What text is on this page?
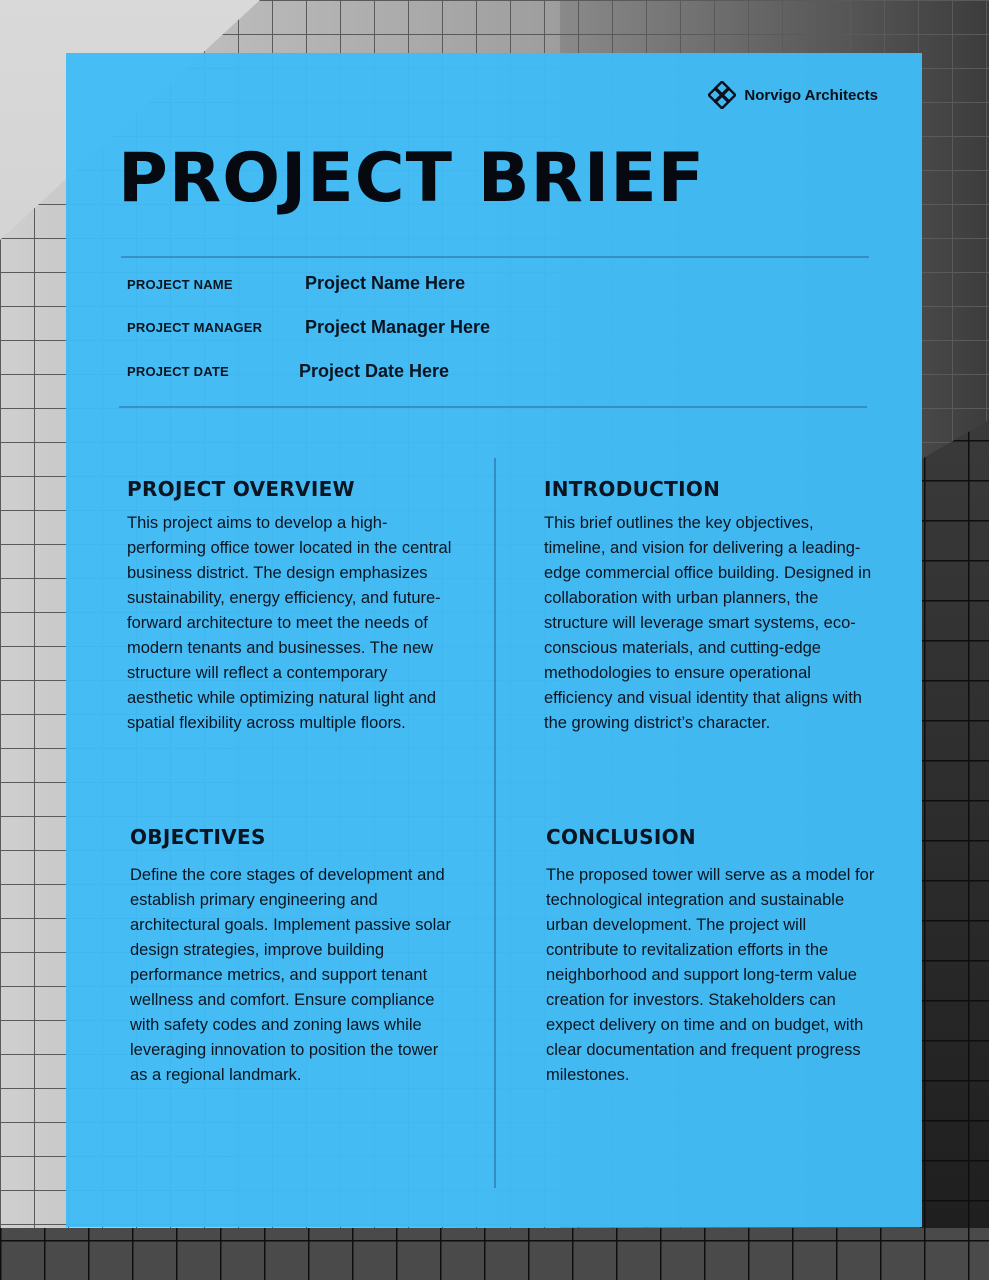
Norvigo Architects
PROJECT BRIEF
PROJECT NAME	Project Name Here
PROJECT MANAGER Project Manager Here
PROJECT DATE	Project Date Here
PROJECT OVERVIEW

This project aims to develop a high-performing office tower located in the central business district. The design emphasizes sustainability, energy efficiency, and future-forward architecture to meet the needs of modern tenants and businesses. The new structure will reflect a contemporary aesthetic while optimizing natural light and spatial flexibility across multiple floors.

INTRODUCTION

This brief outlines the key objectives, timeline, and vision for delivering a leading-edge commercial office building. Designed in collaboration with urban planners, the structure will leverage smart systems, eco-conscious materials, and cutting-edge methodologies to ensure operational efficiency and visual identity that aligns with the growing district’s character.

OBJECTIVES

Define the core stages of development and establish primary engineering and architectural goals. Implement passive solar design strategies, improve building performance metrics, and support tenant wellness and comfort. Ensure compliance with safety codes and zoning laws while leveraging innovation to position the tower as a regional landmark.

CONCLUSION

The proposed tower will serve as a model for technological integration and sustainable urban development. The project will contribute to revitalization efforts in the neighborhood and support long-term value creation for investors. Stakeholders can expect delivery on time and on budget, with clear documentation and frequent progress milestones.
